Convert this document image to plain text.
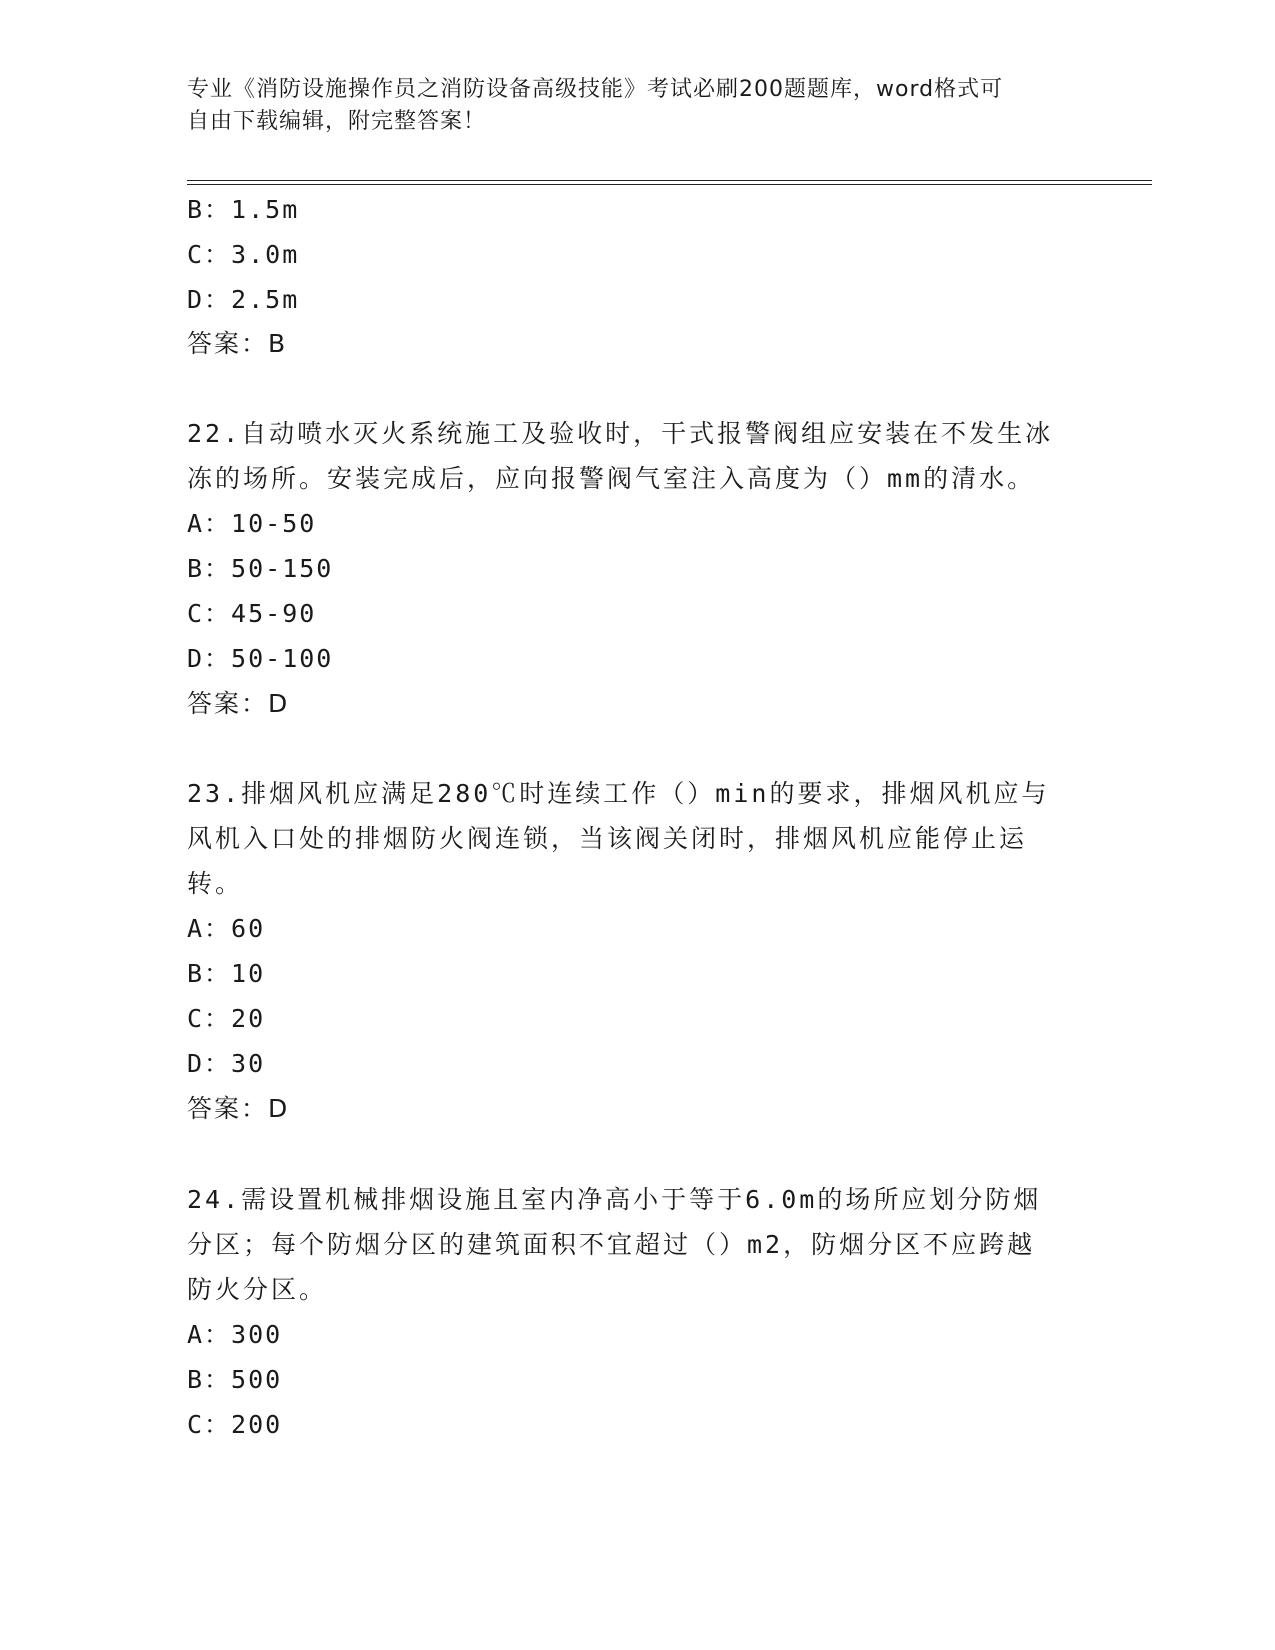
专业《消防设施操作员之消防设备高级技能》考试必刷200题题库，word格式可
自由下载编辑，附完整答案！
B：1.5m
C：3.0m
D：2.5m
答案：B
22.自动喷水灭火系统施工及验收时，干式报警阀组应安装在不发生冰
冻的场所。安装完成后，应向报警阀气室注入高度为（）mm的清水。
A：10-50
B：50-150
C：45-90
D：50-100
答案：D
23.排烟风机应满足280℃时连续工作（）min的要求，排烟风机应与
风机入口处的排烟防火阀连锁，当该阀关闭时，排烟风机应能停止运
转。
A：60
B：10
C：20
D：30
答案：D
24.需设置机械排烟设施且室内净高小于等于6.0m的场所应划分防烟
分区；每个防烟分区的建筑面积不宜超过（）m2，防烟分区不应跨越
防火分区。
A：300
B：500
C：200
